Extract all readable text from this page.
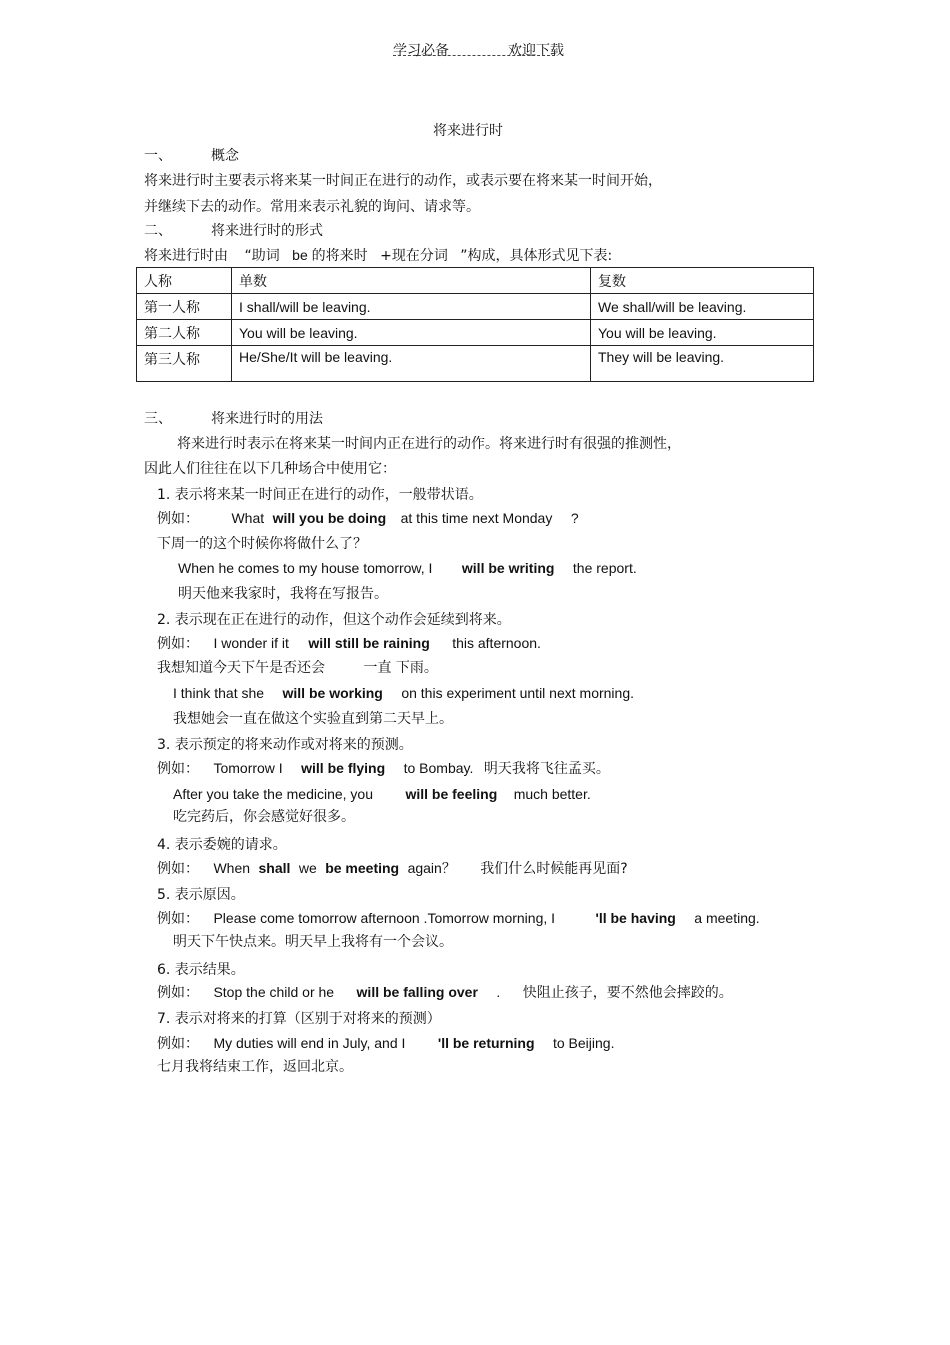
学习必备	欢迎下载
将来进行时
一、	概念
将来进行时主要表示将来某一时间正在进行的动作，或表示要在将来某一时间开始，
并继续下去的动作。常用来表示礼貌的询问、请求等。
二、	将来进行时的形式
将来进行时由 “助词 be 的将来时 +现在分词 ”构成，具体形式见下表:
人称	单数	复数
第一人称	I shall/will be leaving.	We shall/will be leaving.
第二人称	You will be leaving.	You will be leaving.
第三人称	He/She/It will be leaving.	They will be leaving.
三、	将来进行时的用法
将来进行时表示在将来某一时间内正在进行的动作。将来进行时有很强的推测性，
因此人们往往在以下几种场合中使用它：
1. 表示将来某一时间正在进行的动作，一般带状语。
例如： What will you be doing at this time next Monday ?
下周一的这个时候你将做什么了？
When he comes to my house tomorrow, I will be writing the report.
明天他来我家时，我将在写报告。
2. 表示现在正在进行的动作，但这个动作会延续到将来。
例如： I wonder if it will still be raining this afternoon.
我想知道今天下午是否还会	一直 下雨。
I think that she will be working on this experiment until next morning.
我想她会一直在做这个实验直到第二天早上。
3. 表示预定的将来动作或对将来的预测。
例如： Tomorrow I will be flying to Bombay. 明天我将飞往孟买。
After you take the medicine, you will be feeling much better.
吃完药后，你会感觉好很多。
4. 表示委婉的请求。
例如： When shall we be meeting again？ 我们什么时候能再见面?
5. 表示原因。
例如： Please come tomorrow afternoon .Tomorrow morning, I	'll be having a meeting.
明天下午快点来。明天早上我将有一个会议。
6. 表示结果。
例如： Stop the child or he will be falling over . 快阻止孩子，要不然他会摔跤的。
7. 表示对将来的打算（区别于对将来的预测）
例如： My duties will end in July, and I 'll be returning to Beijing.
七月我将结束工作，返回北京。
